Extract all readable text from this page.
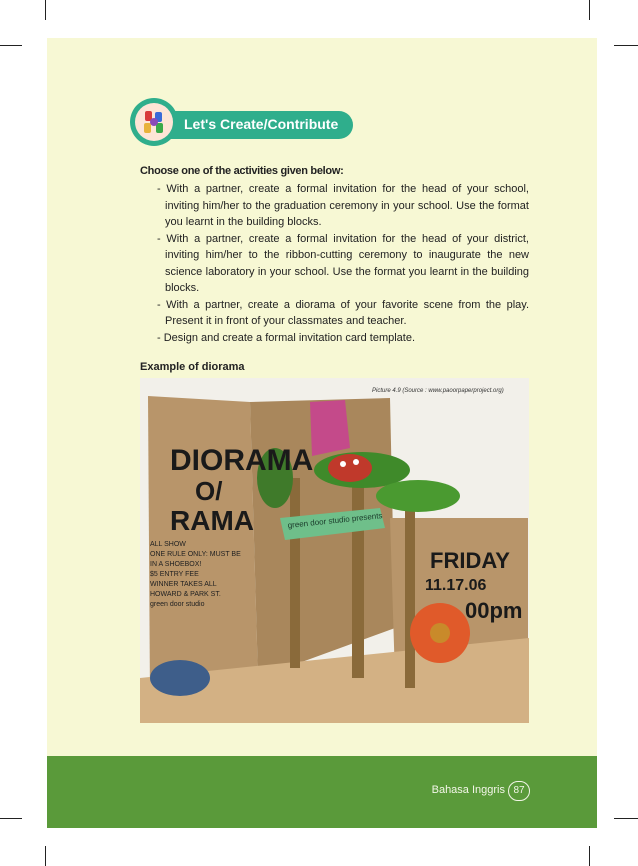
Let's Create/Contribute
Choose one of the activities given below:
- With a partner, create a formal invitation for the head of your school, inviting him/her to the graduation ceremony in your school. Use the format you learnt in the building blocks.
- With a partner, create a formal invitation for the head of your district, inviting him/her to the ribbon-cutting ceremony to inaugurate the new science laboratory in your school. Use the format you learnt in the building blocks.
- With a partner, create a diorama of your favorite scene from the play. Present it in front of your classmates and teacher.
- Design and create a formal invitation card template.
Example of diorama
DIORAMA
O/
RAMA
FRIDAY
11.17.06
00pm
green door studio presents
ALL SHOW
ONE RULE ONLY: MUST BE
IN A SHOEBOX!
$5 ENTRY FEE
WINNER TAKES ALL
HOWARD & PARK ST.
green door studio
Picture 4.9 (Source : www.paoorpaperproject.org)
Bahasa Inggris 87
